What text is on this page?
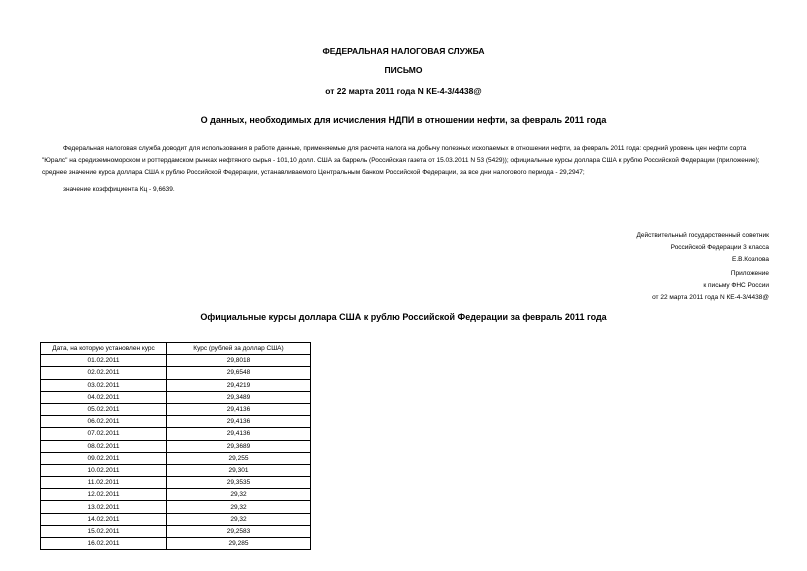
ФЕДЕРАЛЬНАЯ НАЛОГОВАЯ СЛУЖБА
ПИСЬМО
от 22 марта 2011 года N КЕ-4-3/4438@
О данных, необходимых для исчисления НДПИ в отношении нефти, за февраль 2011 года
Федеральная налоговая служба доводит для использования в работе данные, применяемые для расчета налога на добычу полезных ископаемых в отношении нефти, за февраль 2011 года: средний уровень цен нефти сорта "Юралс" на средиземноморском и роттердамском рынках нефтяного сырья - 101,10 долл. США за баррель (Российская газета от 15.03.2011 N 53 (5429)); официальные курсы доллара США к рублю Российской Федерации (приложение); среднее значение курса доллара США к рублю Российской Федерации, устанавливаемого Центральным банком Российской Федерации, за все дни налогового периода - 29,2947;
значение коэффициента Кц - 9,6639.
Действительный государственный советник
Российской Федерации 3 класса
Е.В.Козлова
Приложение
к письму ФНС России
от 22 марта 2011 года N КЕ-4-3/4438@
Официальные курсы доллара США к рублю Российской Федерации за февраль 2011 года
Дата, на которую установлен курс	Курс (рублей за доллар США)
01.02.2011	29,8018
02.02.2011	29,6548
03.02.2011	29,4219
04.02.2011	29,3489
05.02.2011	29,4136
06.02.2011	29,4136
07.02.2011	29,4136
08.02.2011	29,3689
09.02.2011	29,255
10.02.2011	29,301
11.02.2011	29,3535
12.02.2011	29,32
13.02.2011	29,32
14.02.2011	29,32
15.02.2011	29,2583
16.02.2011	29,285
